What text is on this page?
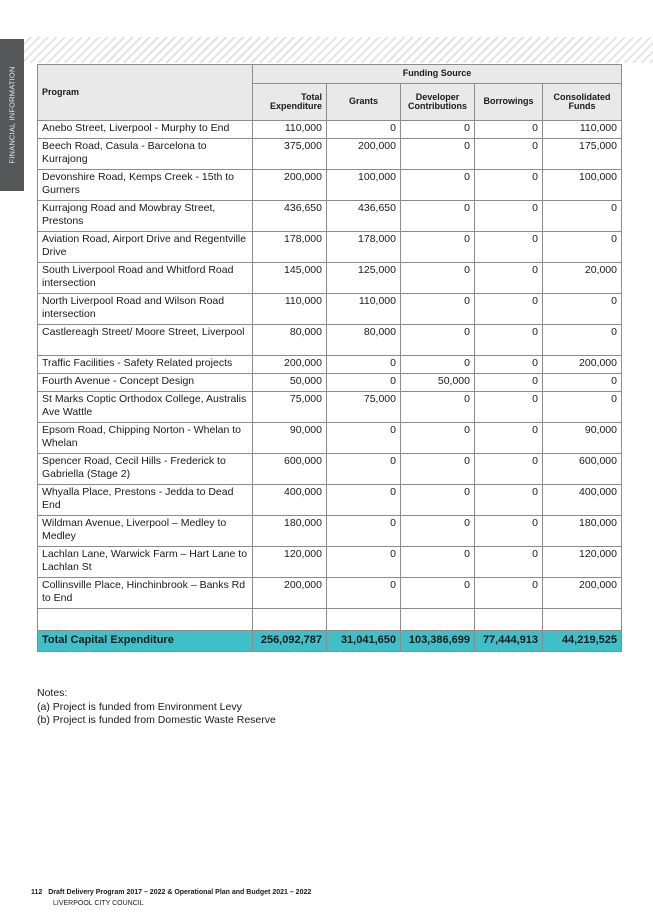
FINANCIAL INFORMATION	Program	Funding Source				
	Total Expenditure	Grants	Developer Contributions	Borrowings	Consolidated Funds
Anebo Street, Liverpool - Murphy to End	110,000	0	0	0	110,000
Beech Road, Casula - Barcelona to Kurrajong	375,000	200,000	0	0	175,000
Devonshire Road, Kemps Creek - 15th to Gurners	200,000	100,000	0	0	100,000
Kurrajong Road and Mowbray Street, Prestons	436,650	436,650	0	0	0
Aviation Road, Airport Drive and Regentville Drive	178,000	178,000	0	0	0
South Liverpool Road and Whitford Road intersection	145,000	125,000	0	0	20,000
North Liverpool Road and Wilson Road intersection	110,000	110,000	0	0	0
Castlereagh Street/ Moore Street, Liverpool	80,000	80,000	0	0	0
Traffic Facilities - Safety Related projects	200,000	0	0	0	200,000
Fourth Avenue - Concept Design	50,000	0	50,000	0	0
St Marks Coptic Orthodox College, Australis Ave Wattle	75,000	75,000	0	0	0
Epsom Road, Chipping Norton - Whelan to Whelan	90,000	0	0	0	90,000
Spencer Road, Cecil Hills - Frederick to Gabriella (Stage 2)	600,000	0	0	0	600,000
Whyalla Place, Prestons - Jedda to Dead End	400,000	0	0	0	400,000
Wildman Avenue, Liverpool – Medley to Medley	180,000	0	0	0	180,000
Lachlan Lane, Warwick Farm – Hart Lane to Lachlan St	120,000	0	0	0	120,000
Collinsville Place, Hinchinbrook – Banks Rd to End	200,000	0	0	0	200,000

Total Capital Expenditure	256,092,787	31,041,650	103,386,699	77,444,913	44,219,525
Notes:
(a) Project is funded from Environment Levy
(b) Project is funded from Domestic Waste Reserve
112 Draft Delivery Program 2017 – 2022 & Operational Plan and Budget 2021 – 2022
LIVERPOOL CITY COUNCIL
